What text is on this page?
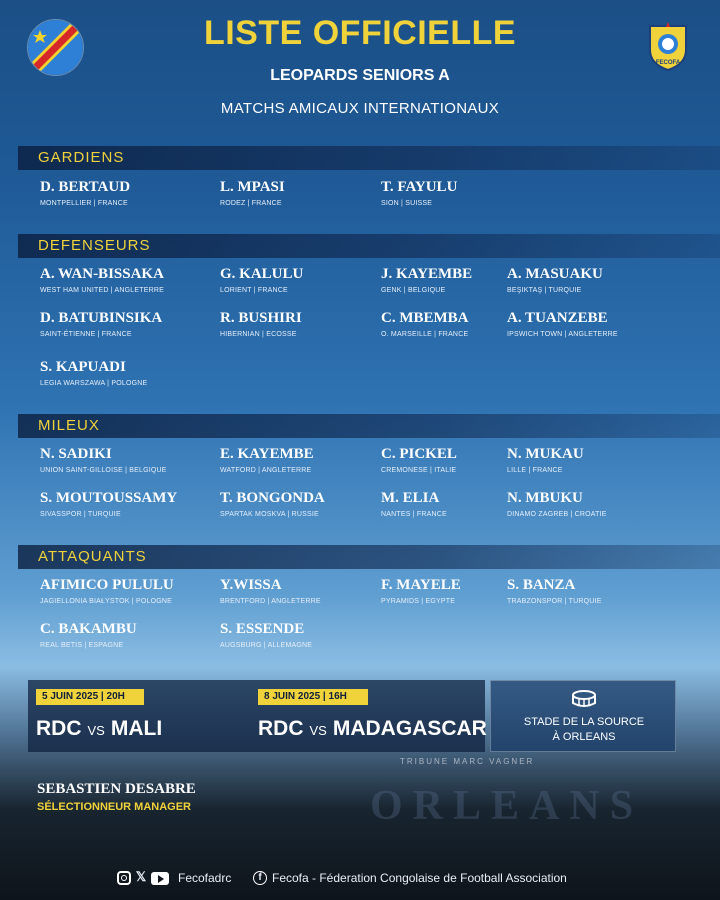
FECOFA
LISTE OFFICIELLE
LEOPARDS SENIORS A
MATCHS AMICAUX INTERNATIONAUX
GARDIENS
D. BERTAUD
MONTPELLIER | FRANCE
L. MPASI
RODEZ | FRANCE
T. FAYULU
SION | SUISSE
DEFENSEURS
A. WAN-BISSAKA
WEST HAM UNITED | ANGLETERRE
G. KALULU
LORIENT | FRANCE
J. KAYEMBE
GENK | BELGIQUE
A. MASUAKU
BEŞIKTAŞ | TURQUIE
D. BATUBINSIKA
SAINT-ÉTIENNE | FRANCE
R. BUSHIRI
HIBERNIAN | ECOSSE
C. MBEMBA
O. MARSEILLE | FRANCE
A. TUANZEBE
IPSWICH TOWN | ANGLETERRE
S. KAPUADI
LEGIA WARSZAWA | POLOGNE
MILEUX
N. SADIKI
UNION SAINT-GILLOISE | BELGIQUE
E. KAYEMBE
WATFORD | ANGLETERRE
C. PICKEL
CREMONESE | ITALIE
N. MUKAU
LILLE | FRANCE
S. MOUTOUSSAMY
SIVASSPOR | TURQUIE
T. BONGONDA
SPARTAK MOSKVA | RUSSIE
M. ELIA
NANTES | FRANCE
N. MBUKU
DINAMO ZAGREB | CROATIE
ATTAQUANTS
AFIMICO PULULU
JAGIELLONIA BIAŁYSTOK | POLOGNE
Y.WISSA
BRENTFORD | ANGLETERRE
F. MAYELE
PYRAMIDS | EGYPTE
S. BANZA
TRABZONSPOR | TURQUIE
C. BAKAMBU
REAL BETIS | ESPAGNE
S. ESSENDE
AUGSBURG | ALLEMAGNE
5 JUIN 2025 | 20H
RDC VS MALI
8 JUIN 2025 | 16H
RDC VS MADAGASCAR	STADE DE LA SOURCE
À ORLEANS
TRIBUNE MARC VAGNER
ORLEANS
SEBASTIEN DESABRE
SÉLECTIONNEUR MANAGER
𝕏	Fecofadrc	f Fecofa - Féderation Congolaise de Football Association
